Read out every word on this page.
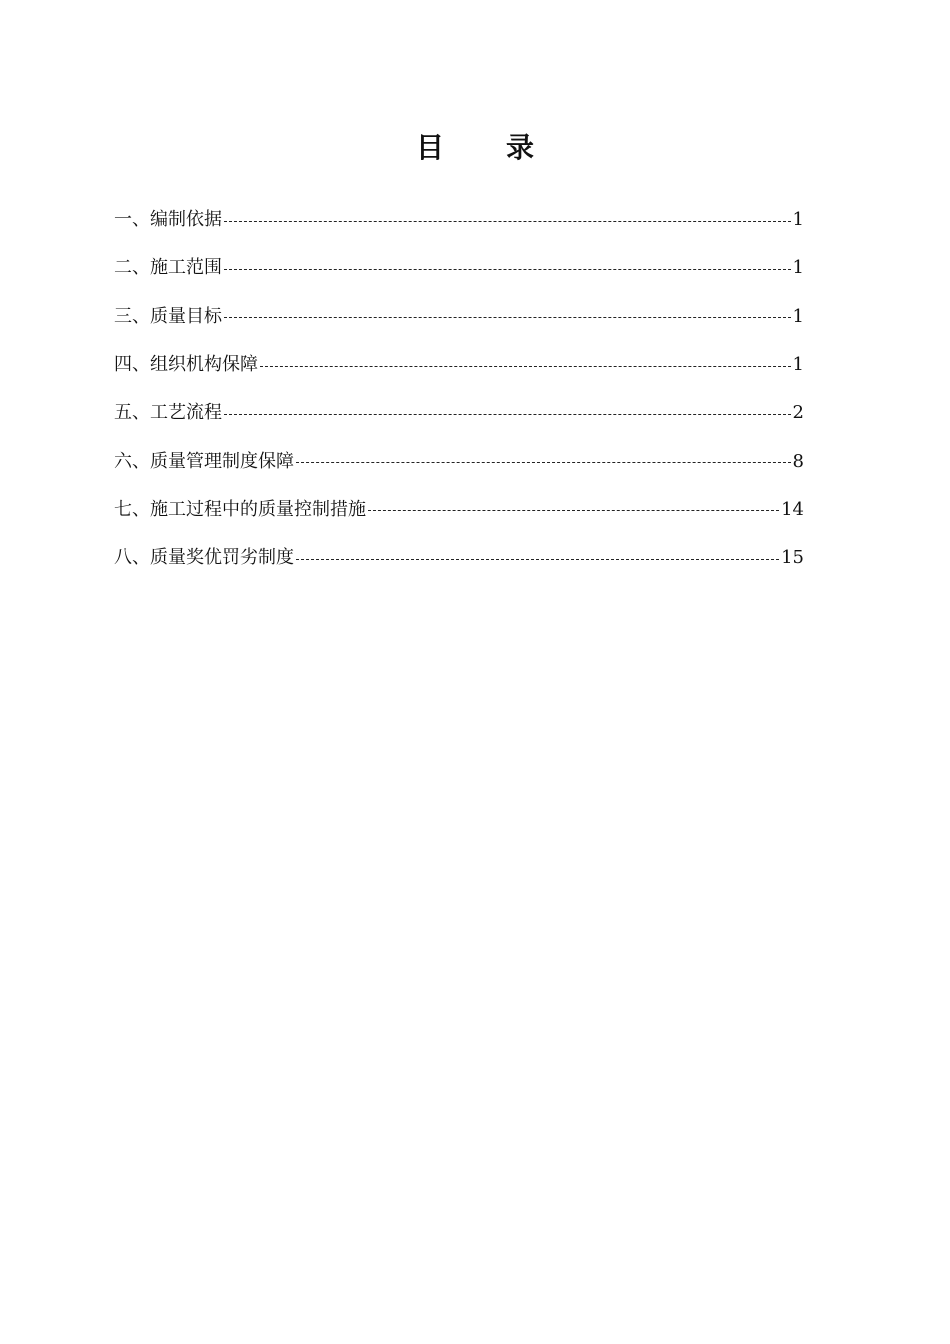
目 录
一、编制依据	1
二、施工范围	1
三、质量目标	1
四、组织机构保障	1
五、工艺流程	2
六、质量管理制度保障	8
七、施工过程中的质量控制措施	14
八、质量奖优罚劣制度	15
